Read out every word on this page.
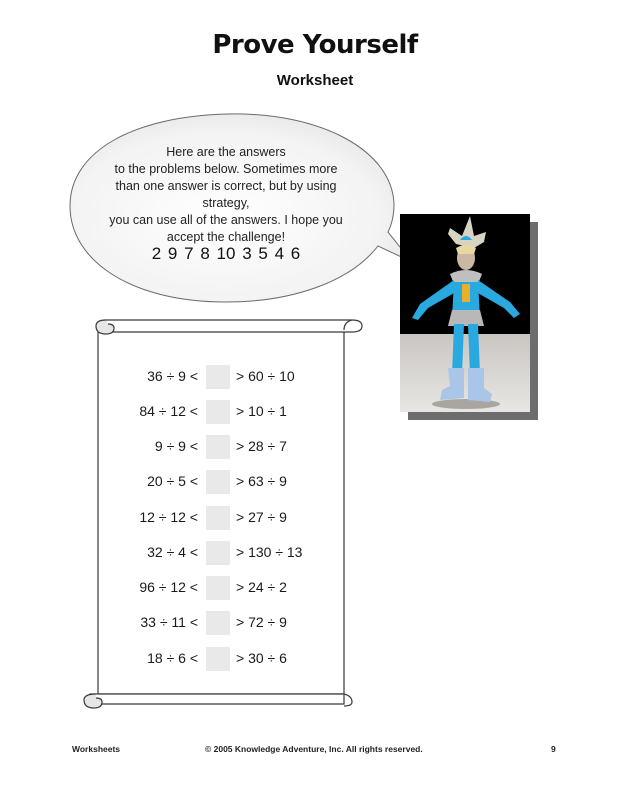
Prove Yourself
Worksheet
Here are the answers
to the problems below. Sometimes more
than one answer is correct, but by using strategy,
you can use all of the answers. I hope you
accept the challenge!
2 9 7 8 10 3 5 4 6
36 ÷ 9 <	> 60 ÷ 10
84 ÷ 12 <	> 10 ÷ 1
9 ÷ 9 <	> 28 ÷ 7
20 ÷ 5 <	> 63 ÷ 9
12 ÷ 12 <	> 27 ÷ 9
32 ÷ 4 <	> 130 ÷ 13
96 ÷ 12 <	> 24 ÷ 2
33 ÷ 11 <	> 72 ÷ 9
18 ÷ 6 <	> 30 ÷ 6
Worksheets	© 2005 Knowledge Adventure, Inc. All rights reserved.	9
